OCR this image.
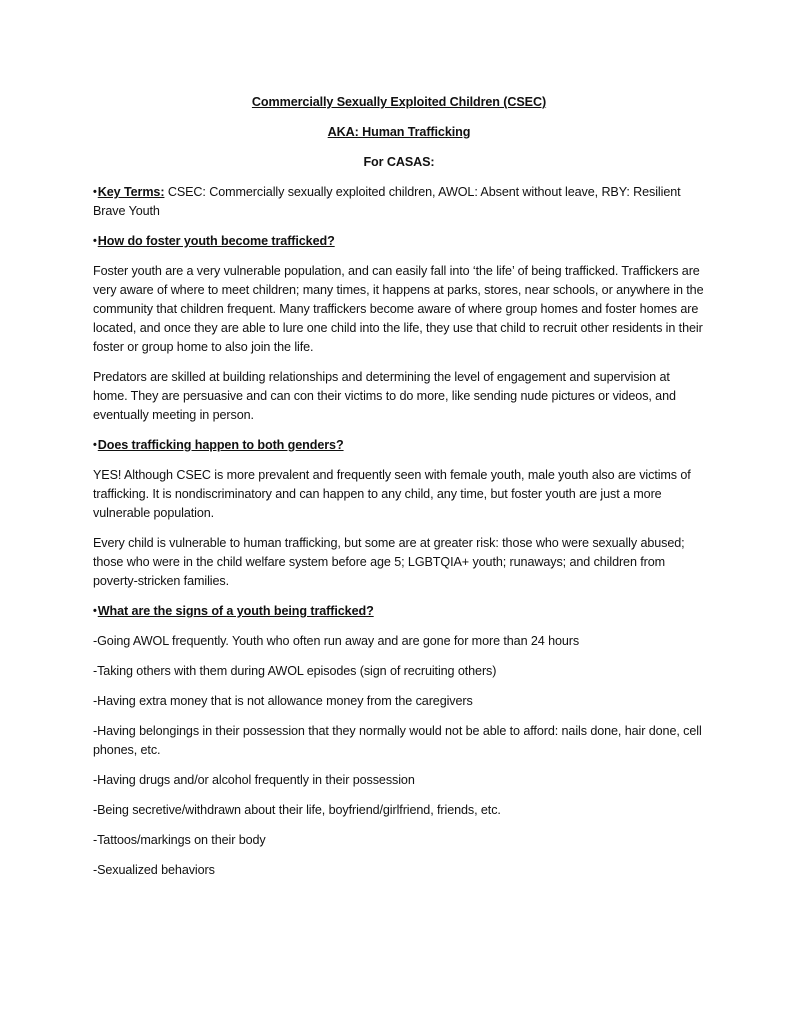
Commercially Sexually Exploited Children (CSEC)
AKA: Human Trafficking
For CASAS:

•Key Terms: CSEC: Commercially sexually exploited children, AWOL: Absent without leave, RBY: Resilient Brave Youth

•How do foster youth become trafficked?

Foster youth are a very vulnerable population, and can easily fall into ‘the life’ of being trafficked. Traffickers are very aware of where to meet children; many times, it happens at parks, stores, near schools, or anywhere in the community that children frequent. Many traffickers become aware of where group homes and foster homes are located, and once they are able to lure one child into the life, they use that child to recruit other residents in their foster or group home to also join the life.

Predators are skilled at building relationships and determining the level of engagement and supervision at home. They are persuasive and can con their victims to do more, like sending nude pictures or videos, and eventually meeting in person.

•Does trafficking happen to both genders?

YES! Although CSEC is more prevalent and frequently seen with female youth, male youth also are victims of trafficking. It is nondiscriminatory and can happen to any child, any time, but foster youth are just a more vulnerable population.

Every child is vulnerable to human trafficking, but some are at greater risk: those who were sexually abused; those who were in the child welfare system before age 5; LGBTQIA+ youth; runaways; and children from poverty-stricken families.

•What are the signs of a youth being trafficked?

-Going AWOL frequently. Youth who often run away and are gone for more than 24 hours

-Taking others with them during AWOL episodes (sign of recruiting others)

-Having extra money that is not allowance money from the caregivers

-Having belongings in their possession that they normally would not be able to afford: nails done, hair done, cell phones, etc.

-Having drugs and/or alcohol frequently in their possession

-Being secretive/withdrawn about their life, boyfriend/girlfriend, friends, etc.

-Tattoos/markings on their body

-Sexualized behaviors
